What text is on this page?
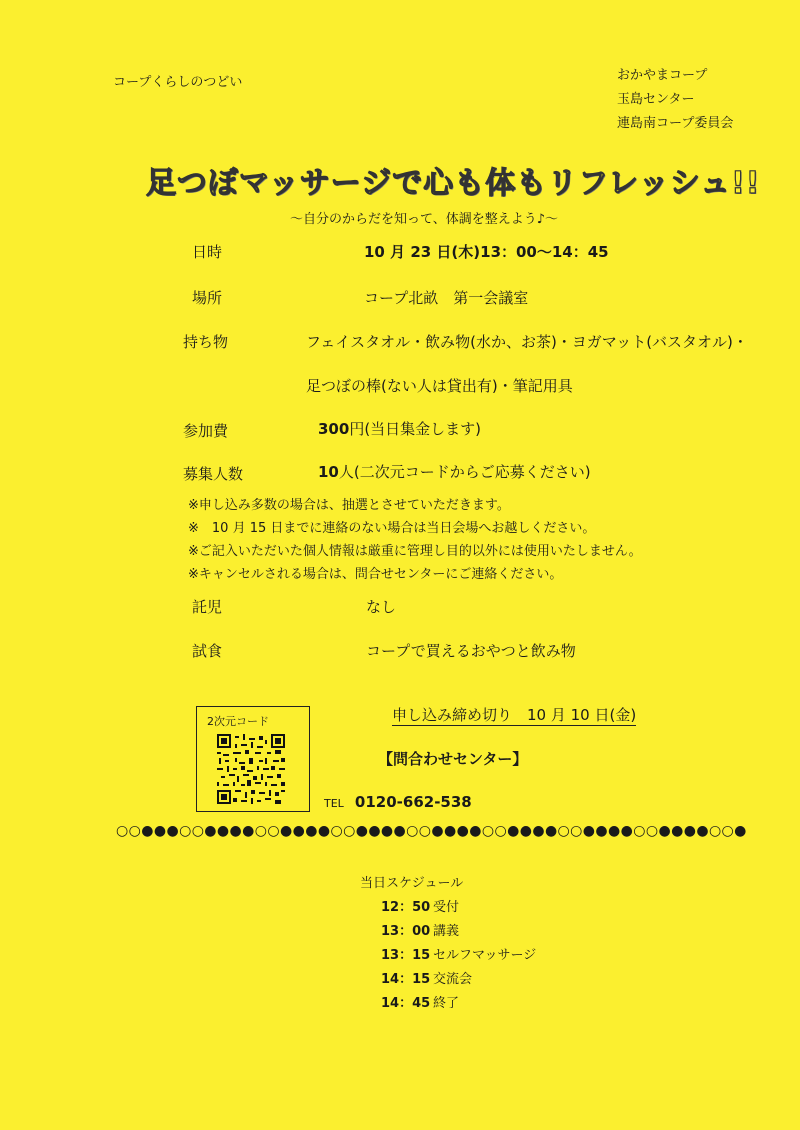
コープくらしのつどい	おかやまコープ
玉島センター
連島南コープ委員会
足つぼマッサージで心も体もリフレッシュ!!
～自分のからだを知って、体調を整えよう♪～
日時	10 月 23 日(木)13：00～14：45
場所	コープ北畝　第一会議室
持ち物	フェイスタオル・飲み物(水か、お茶)・ヨガマット(バスタオル)・
足つぼの棒(ない人は貸出有)・筆記用具
参加費	300円(当日集金します)
募集人数	10人(二次元コードからご応募ください)
※申し込み多数の場合は、抽選とさせていただきます。
※　10 月 15 日までに連絡のない場合は当日会場へお越しください。
※ご記入いただいた個人情報は厳重に管理し目的以外には使用いたしません。
※キャンセルされる場合は、問合せセンターにご連絡ください。
託児	なし
試食	コープで買えるおやつと飲み物
2次元コード	申し込み締め切り　10 月 10 日(金)
【問合わせセンター】
TEL 0120-662-538
○○●●●○○●●●●○○●●●●○○●●●●○○●●●●○○●●●●○○●●●●○○●●●●○○●
当日スケジュール
12：50 受付
13：00 講義
13：15 セルフマッサージ
14：15 交流会
14：45 終了
